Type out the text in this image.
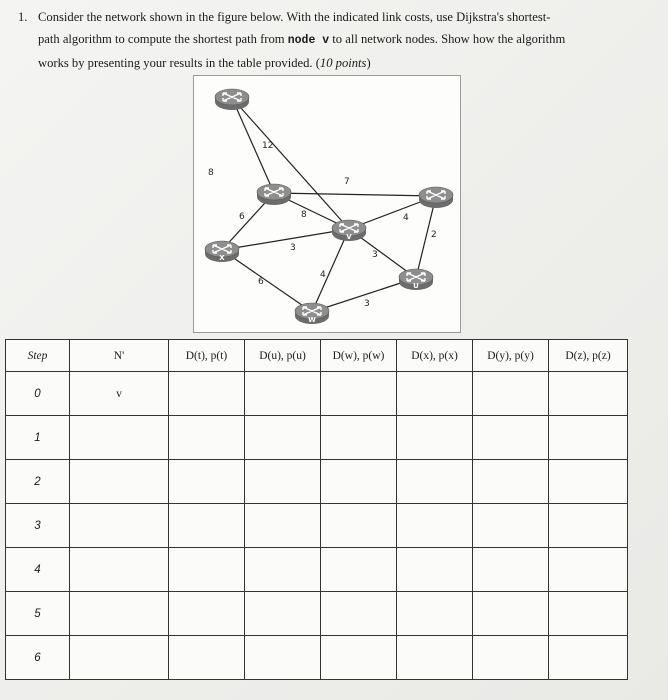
1. Consider the network shown in the figure below. With the indicated link costs, use Dijkstra's shortest-
path algorithm to compute the shortest path from node v to all network nodes. Show how the algorithm
works by presenting your results in the table provided. (10 points)
8
12
7
6	8	4
2
3
3
4
6
3
X
V
U
W
Step	N'	D(t), p(t)	D(u), p(u)	D(w), p(w)	D(x), p(x)	D(y), p(y)	D(z), p(z)
0	v						
1							
2							
3							
4							
5							
6							
